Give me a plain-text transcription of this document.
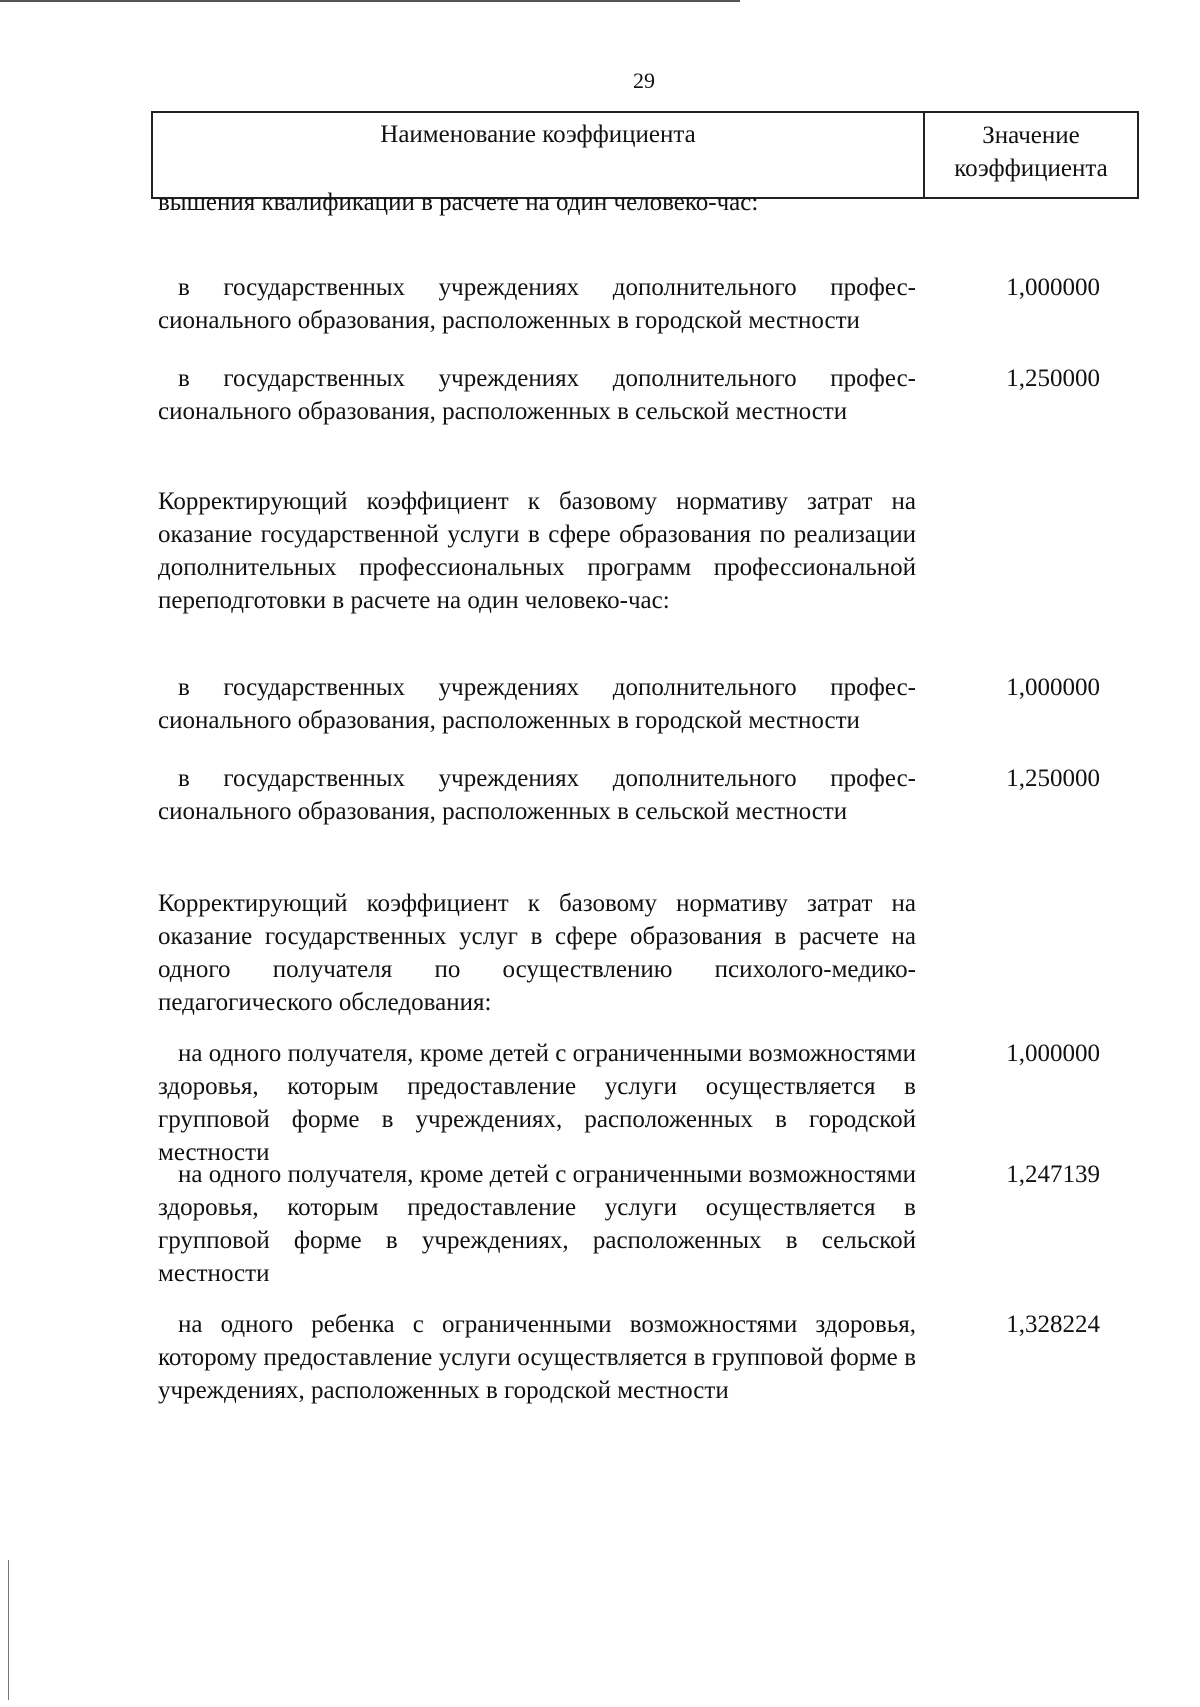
29
Наименование коэффициента	Значение коэффициента
вышения квалификации в расчете на один человеко-час:
в государственных учреждениях дополнительного профессионального образования, расположенных в городской местности
1,000000
в государственных учреждениях дополнительного профессионального образования, расположенных в сельской местности
1,250000
Корректирующий коэффициент к базовому нормативу затрат на оказание государственной услуги в сфере образования по реализации дополнительных профессиональных программ профессиональной переподготовки в расчете на один человеко-час:
в государственных учреждениях дополнительного профессионального образования, расположенных в городской местности
1,000000
в государственных учреждениях дополнительного профессионального образования, расположенных в сельской местности
1,250000
Корректирующий коэффициент к базовому нормативу затрат на оказание государственных услуг в сфере образования в расчете на одного получателя по осуществлению психолого-медико-педагогического обследования:
на одного получателя, кроме детей с ограниченными возможностями здоровья, которым предоставление услуги осуществляется в групповой форме в учреждениях, расположенных в городской местности
1,000000
на одного получателя, кроме детей с ограниченными возможностями здоровья, которым предоставление услуги осуществляется в групповой форме в учреждениях, расположенных в сельской местности
1,247139
на одного ребенка с ограниченными возможностями здоровья, которому предоставление услуги осуществляется в групповой форме в учреждениях, расположенных в городской местности
1,328224
